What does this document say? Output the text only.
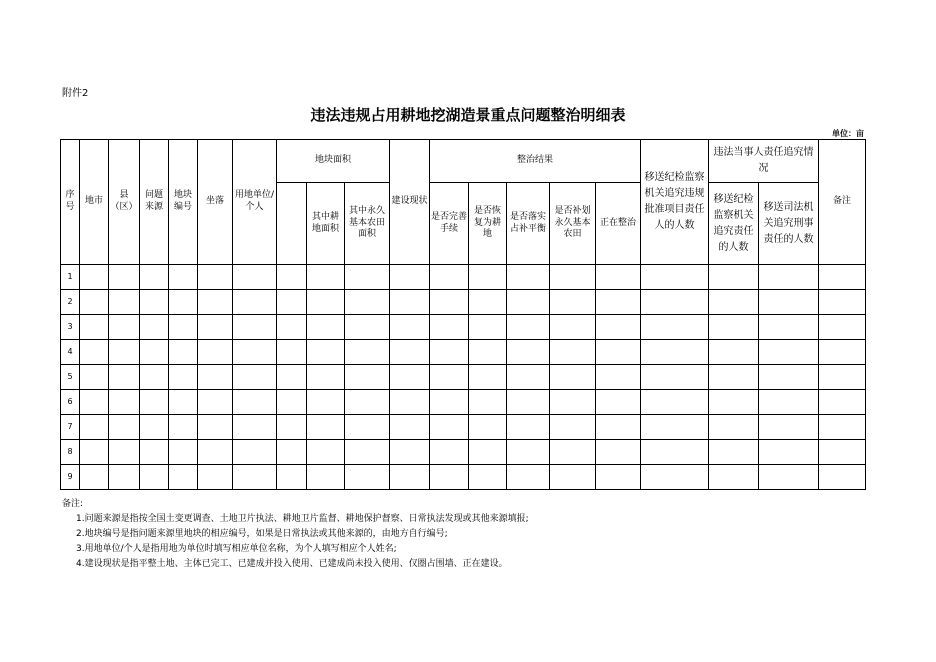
附件2
违法违规占用耕地挖湖造景重点问题整治明细表
单位：亩
序号	地市	县（区）	问题来源	地块编号	坐落	用地单位/个人	地块面积			建设现状	整治结果					移送纪检监察机关追究违规批准项目责任人的人数	违法当事人责任追究情况		备注
								其中耕地面积	其中永久基本农田面积		是否完善手续	是否恢复为耕地	是否落实占补平衡	是否补划永久基本农田	正在整治		移送纪检监察机关追究责任的人数	移送司法机关追究刑事责任的人数	
1																			
2																			
3																			
4																			
5																			
6																			
7																			
8																			
9																			
备注:
1.问题来源是指按全国土变更调查、土地卫片执法、耕地卫片监督、耕地保护督察、日常执法发现或其他来源填报;
2.地块编号是指问题来源里地块的相应编号，如果是日常执法或其他来源的，由地方自行编号;
3.用地单位/个人是指用地为单位时填写相应单位名称，为个人填写相应个人姓名;
4.建设现状是指平整土地、主体已完工、已建成并投入使用、已建成尚未投入使用、仅圈占围墙、正在建设。
